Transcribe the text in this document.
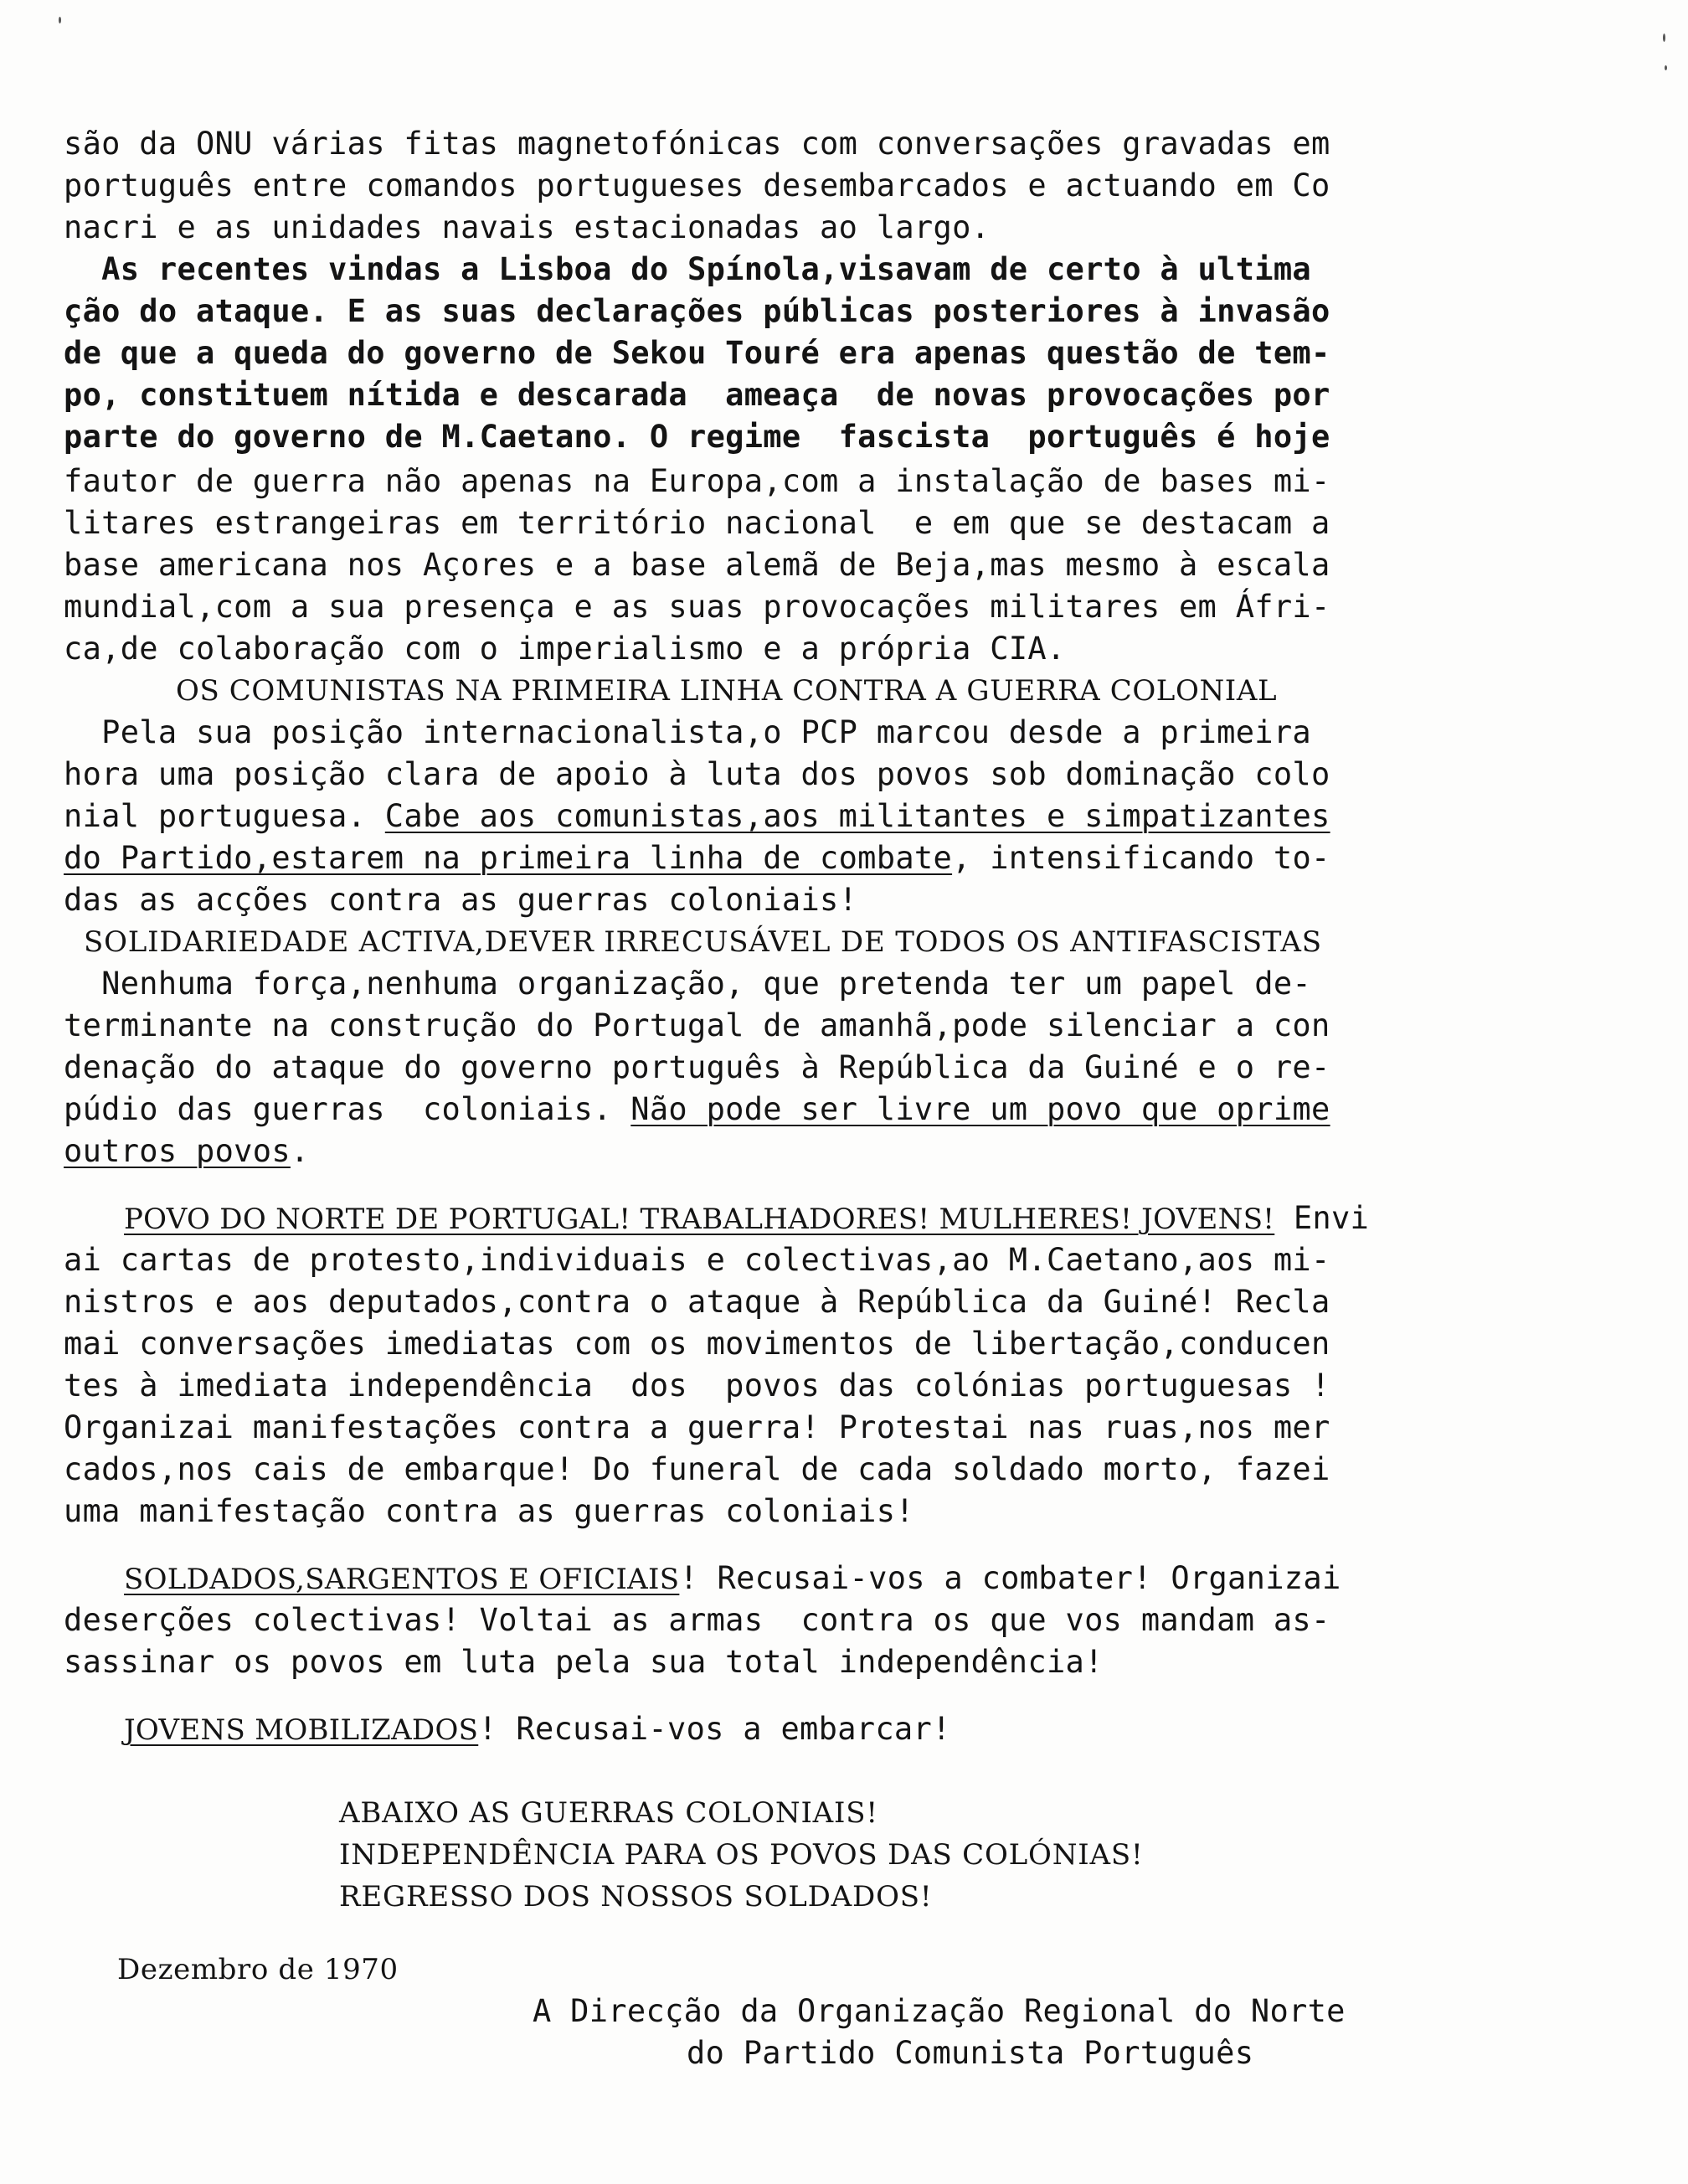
são da ONU várias fitas magnetofónicas com conversações gravadas em
português entre comandos portugueses desembarcados e actuando em Co
nacri e as unidades navais estacionadas ao largo.
As recentes vindas a Lisboa do Spínola,visavam de certo à ultima
ção do ataque. E as suas declarações públicas posteriores à invasão
de que a queda do governo de Sekou Touré era apenas questão de tem-
po, constituem nítida e descarada  ameaça  de novas provocações por
parte do governo de M.Caetano. O regime  fascista  português é hoje
fautor de guerra não apenas na Europa,com a instalação de bases mi-
litares estrangeiras em território nacional  e em que se destacam a
base americana nos Açores e a base alemã de Beja,mas mesmo à escala
mundial,com a sua presença e as suas provocações militares em Áfri-
ca,de colaboração com o imperialismo e a própria CIA.
OS COMUNISTAS NA PRIMEIRA LINHA CONTRA A GUERRA COLONIAL
Pela sua posição internacionalista,o PCP marcou desde a primeira
hora uma posição clara de apoio à luta dos povos sob dominação colo
nial portuguesa. Cabe aos comunistas,aos militantes e simpatizantes
do Partido,estarem na primeira linha de combate, intensificando to-
das as acções contra as guerras coloniais!
SOLIDARIEDADE ACTIVA,DEVER IRRECUSÁVEL DE TODOS OS ANTIFASCISTAS
Nenhuma força,nenhuma organização, que pretenda ter um papel de-
terminante na construção do Portugal de amanhã,pode silenciar a con
denação do ataque do governo português à República da Guiné e o re-
púdio das guerras  coloniais. Não pode ser livre um povo que oprime
outros povos.
POVO DO NORTE DE PORTUGAL! TRABALHADORES! MULHERES! JOVENS! Envi
ai cartas de protesto,individuais e colectivas,ao M.Caetano,aos mi-
nistros e aos deputados,contra o ataque à República da Guiné! Recla
mai conversações imediatas com os movimentos de libertação,conducen
tes à imediata independência  dos  povos das colónias portuguesas !
Organizai manifestações contra a guerra! Protestai nas ruas,nos mer
cados,nos cais de embarque! Do funeral de cada soldado morto, fazei
uma manifestação contra as guerras coloniais!
SOLDADOS,SARGENTOS E OFICIAIS! Recusai-vos a combater! Organizai
deserções colectivas! Voltai as armas  contra os que vos mandam as-
sassinar os povos em luta pela sua total independência!
JOVENS MOBILIZADOS! Recusai-vos a embarcar!
ABAIXO AS GUERRAS COLONIAIS!
INDEPENDÊNCIA PARA OS POVOS DAS COLÓNIAS!
REGRESSO DOS NOSSOS SOLDADOS!
Dezembro de 1970
A Direcção da Organização Regional do Norte
do Partido Comunista Português
